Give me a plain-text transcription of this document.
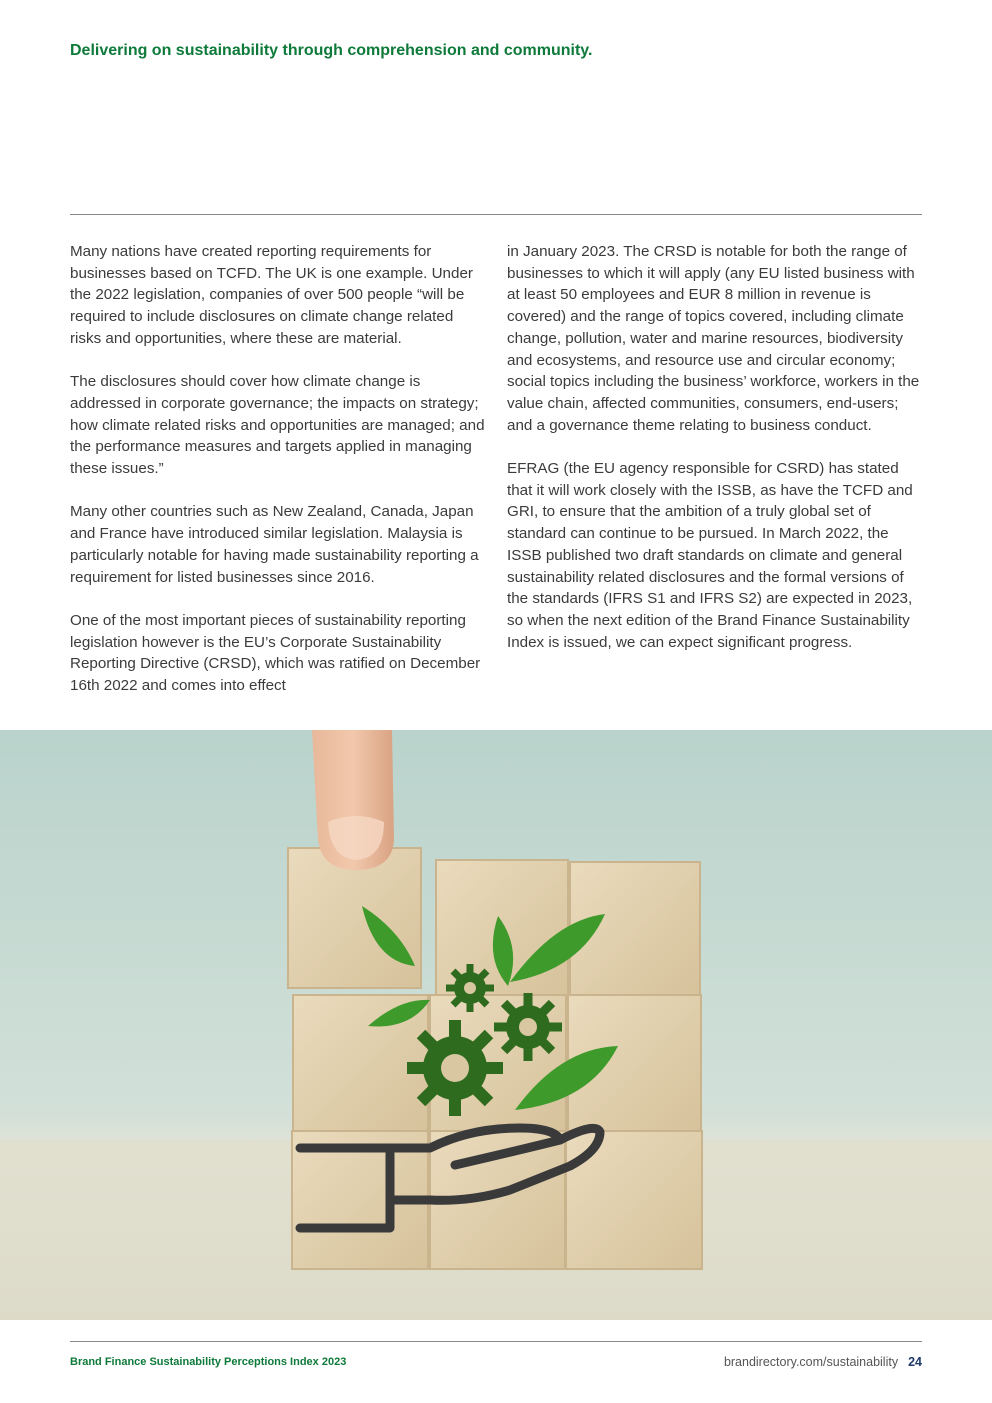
Delivering on sustainability through comprehension and community.

Many nations have created reporting requirements for businesses based on TCFD. The UK is one example. Under the 2022 legislation, companies of over 500 people “will be required to include disclosures on climate change related risks and opportunities, where these are material.

The disclosures should cover how climate change is addressed in corporate governance; the impacts on strategy; how climate related risks and opportunities are managed; and the performance measures and targets applied in managing these issues.”

Many other countries such as New Zealand, Canada, Japan and France have introduced similar legislation. Malaysia is particularly notable for having made sustainability reporting a requirement for listed businesses since 2016.

One of the most important pieces of sustainability reporting legislation however is the EU’s Corporate Sustainability Reporting Directive (CRSD), which was ratified on December 16th 2022 and comes into effect

in January 2023. The CRSD is notable for both the range of businesses to which it will apply (any EU listed business with at least 50 employees and EUR 8 million in revenue is covered) and the range of topics covered, including climate change, pollution, water and marine resources, biodiversity and ecosystems, and resource use and circular economy; social topics including the business’ workforce, workers in the value chain, affected communities, consumers, end-users; and a governance theme relating to business conduct.

EFRAG (the EU agency responsible for CSRD) has stated that it will work closely with the ISSB, as have the TCFD and GRI, to ensure that the ambition of a truly global set of standard can continue to be pursued. In March 2022, the ISSB published two draft standards on climate and general sustainability related disclosures and the formal versions of the standards (IFRS S1 and IFRS S2) are expected in 2023, so when the next edition of the Brand Finance Sustainability Index is issued, we can expect significant progress.

Brand Finance Sustainability Perceptions Index 2023	brandirectory.com/sustainability 24
